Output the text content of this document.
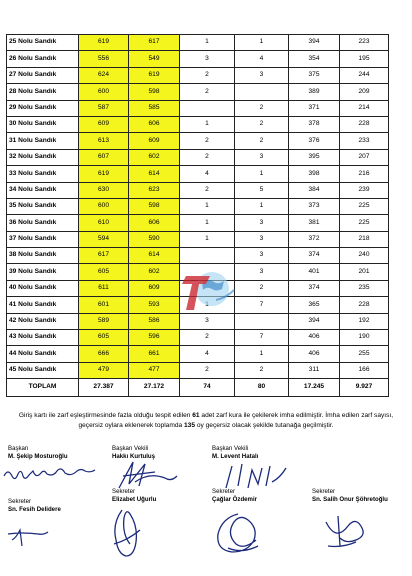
25 Nolu Sandık	619	617	1	1	394	223
26 Nolu Sandık	556	549	3	4	354	195
27 Nolu Sandık	624	619	2	3	375	244
28 Nolu Sandık	600	598	2		389	209
29 Nolu Sandık	587	585		2	371	214
30 Nolu Sandık	609	606	1	2	378	228
31 Nolu Sandık	613	609	2	2	376	233
32 Nolu Sandık	607	602	2	3	395	207
33 Nolu Sandık	619	614	4	1	398	216
34 Nolu Sandık	630	623	2	5	384	239
35 Nolu Sandık	600	598	1	1	373	225
36 Nolu Sandık	610	606	1	3	381	225
37 Nolu Sandık	594	590	1	3	372	218
38 Nolu Sandık	617	614		3	374	240
39 Nolu Sandık	605	602		3	401	201
40 Nolu Sandık	611	609		2	374	235
41 Nolu Sandık	601	593		7	365	228
42 Nolu Sandık	589	586	3		394	192
43 Nolu Sandık	605	596	2	7	406	190
44 Nolu Sandık	666	661	4	1	406	255
45 Nolu Sandık	479	477	2	2	311	166
TOPLAM	27.387	27.172	74	80	17.245	9.927
Giriş kartı ile zarf eşleştirmesinde fazla olduğu tespit edilen 61 adet zarf kura ile çekilerek imha edilmiştir. İmha edilen zarf sayısı, geçersiz oylara eklenerek toplamda 135 oy geçersiz olacak şekilde tutanağa geçilmiştir.
Başkan
M. Şekip Mosturoğlu
Başkan Vekili
Hakkı Kurtuluş
Başkan Vekili
M. Levent Hatalı
Sekreter
Sn. Fesih Delidere
Sekreter
Elizabet Uğurlu
Sekreter
Çağlar Özdemir
Sekreter
Sn. Salih Onur Şöhretoğlu
